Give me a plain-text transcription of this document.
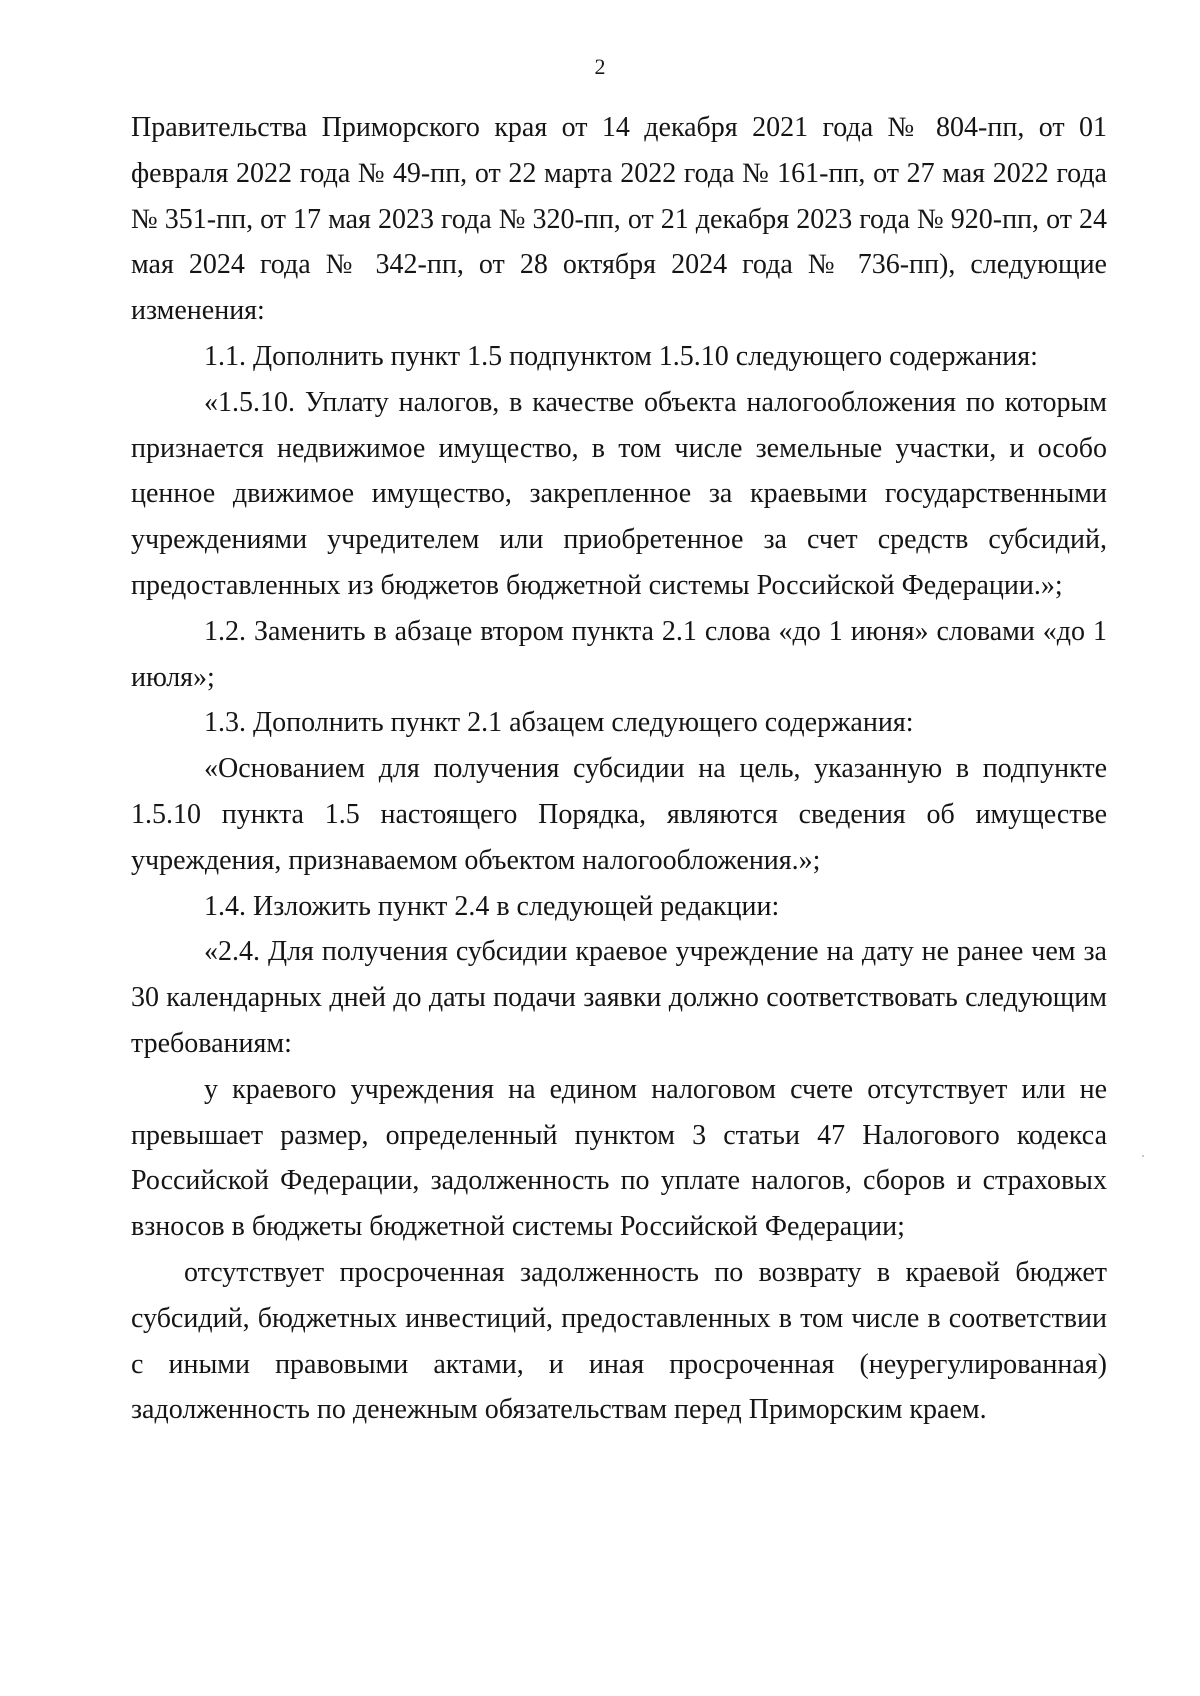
2

Правительства Приморского края от 14 декабря 2021 года № 804-пп, от 01 февраля 2022 года № 49-пп, от 22 марта 2022 года № 161-пп, от 27 мая 2022 года № 351-пп, от 17 мая 2023 года № 320-пп, от 21 декабря 2023 года № 920-пп, от 24 мая 2024 года № 342-пп, от 28 октября 2024 года № 736-пп), следующие изменения:

1.1. Дополнить пункт 1.5 подпунктом 1.5.10 следующего содержания:

«1.5.10. Уплату налогов, в качестве объекта налогообложения по которым признается недвижимое имущество, в том числе земельные участки, и особо ценное движимое имущество, закрепленное за краевыми государственными учреждениями учредителем или приобретенное за счет средств субсидий, предоставленных из бюджетов бюджетной системы Российской Федерации.»;

1.2. Заменить в абзаце втором пункта 2.1 слова «до 1 июня» словами «до 1 июля»;

1.3. Дополнить пункт 2.1 абзацем следующего содержания:

«Основанием для получения субсидии на цель, указанную в подпункте 1.5.10 пункта 1.5 настоящего Порядка, являются сведения об имуществе учреждения, признаваемом объектом налогообложения.»;

1.4. Изложить пункт 2.4 в следующей редакции:

«2.4. Для получения субсидии краевое учреждение на дату не ранее чем за 30 календарных дней до даты подачи заявки должно соответствовать следующим требованиям:

у краевого учреждения на едином налоговом счете отсутствует или не превышает размер, определенный пунктом 3 статьи 47 Налогового кодекса Российской Федерации, задолженность по уплате налогов, сборов и страховых взносов в бюджеты бюджетной системы Российской Федерации;

отсутствует просроченная задолженность по возврату в краевой бюджет субсидий, бюджетных инвестиций, предоставленных в том числе в соответствии с иными правовыми актами, и иная просроченная (неурегулированная) задолженность по денежным обязательствам перед Приморским краем.
